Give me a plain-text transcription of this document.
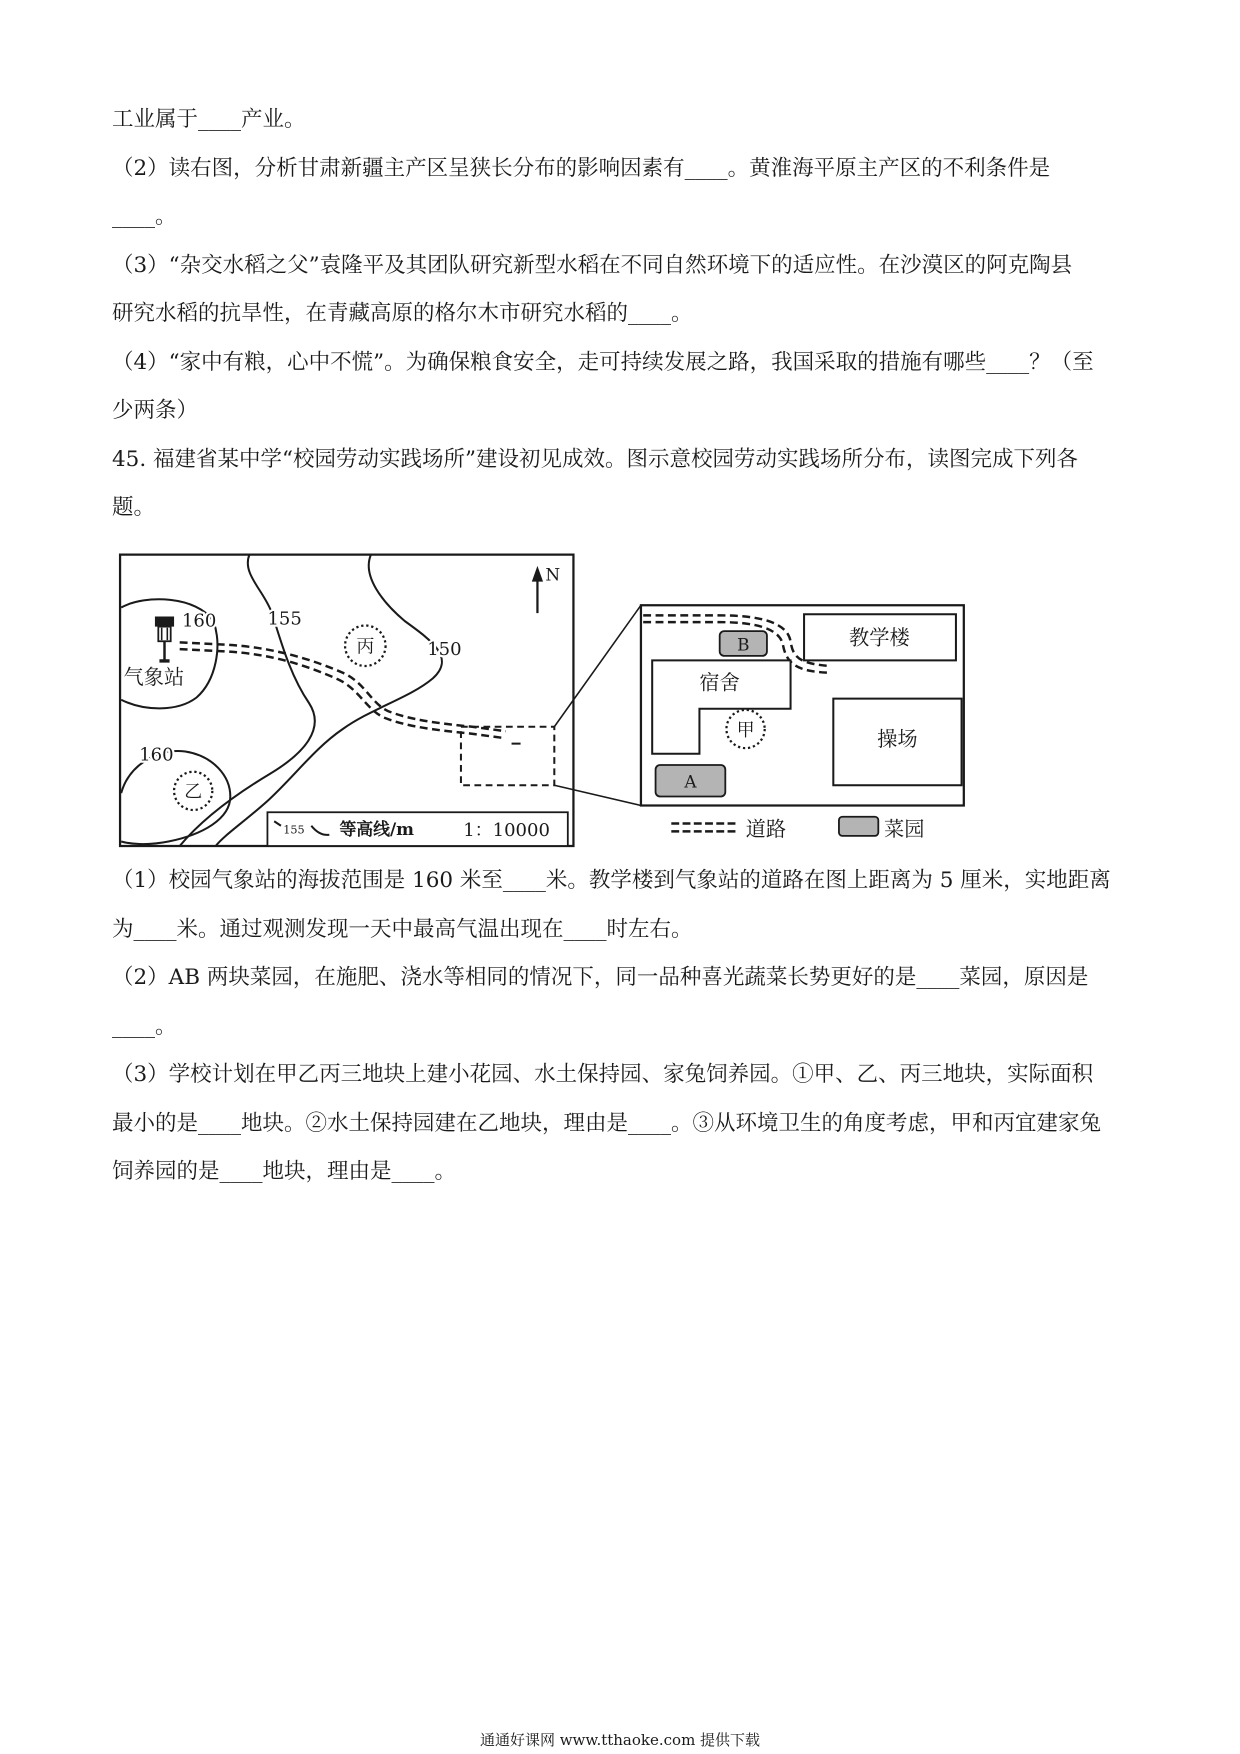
工业属于____产业。
（2）读右图，分析甘肃新疆主产区呈狭长分布的影响因素有____。黄淮海平原主产区的不利条件是
____。
（3）“杂交水稻之父”袁隆平及其团队研究新型水稻在不同自然环境下的适应性。在沙漠区的阿克陶县
研究水稻的抗旱性，在青藏高原的格尔木市研究水稻的____。
（4）“家中有粮，心中不慌”。为确保粮食安全，走可持续发展之路，我国采取的措施有哪些____？（至
少两条）
45. 福建省某中学“校园劳动实践场所”建设初见成效。图示意校园劳动实践场所分布，读图完成下列各
题。
气象站
160	155
150
160
丙
乙
N
155 等高线/m	1：10000
教学楼
B
宿舍
甲	操场
A
道路	菜园
（1）校园气象站的海拔范围是 160 米至____米。教学楼到气象站的道路在图上距离为 5 厘米，实地距离
为____米。通过观测发现一天中最高气温出现在____时左右。
（2）AB 两块菜园，在施肥、浇水等相同的情况下，同一品种喜光蔬菜长势更好的是____菜园，原因是
____。
（3）学校计划在甲乙丙三地块上建小花园、水土保持园、家兔饲养园。①甲、乙、丙三地块，实际面积
最小的是____地块。②水土保持园建在乙地块，理由是____。③从环境卫生的角度考虑，甲和丙宜建家兔
饲养园的是____地块，理由是____。
通通好课网 www.tthaoke.com 提供下载
